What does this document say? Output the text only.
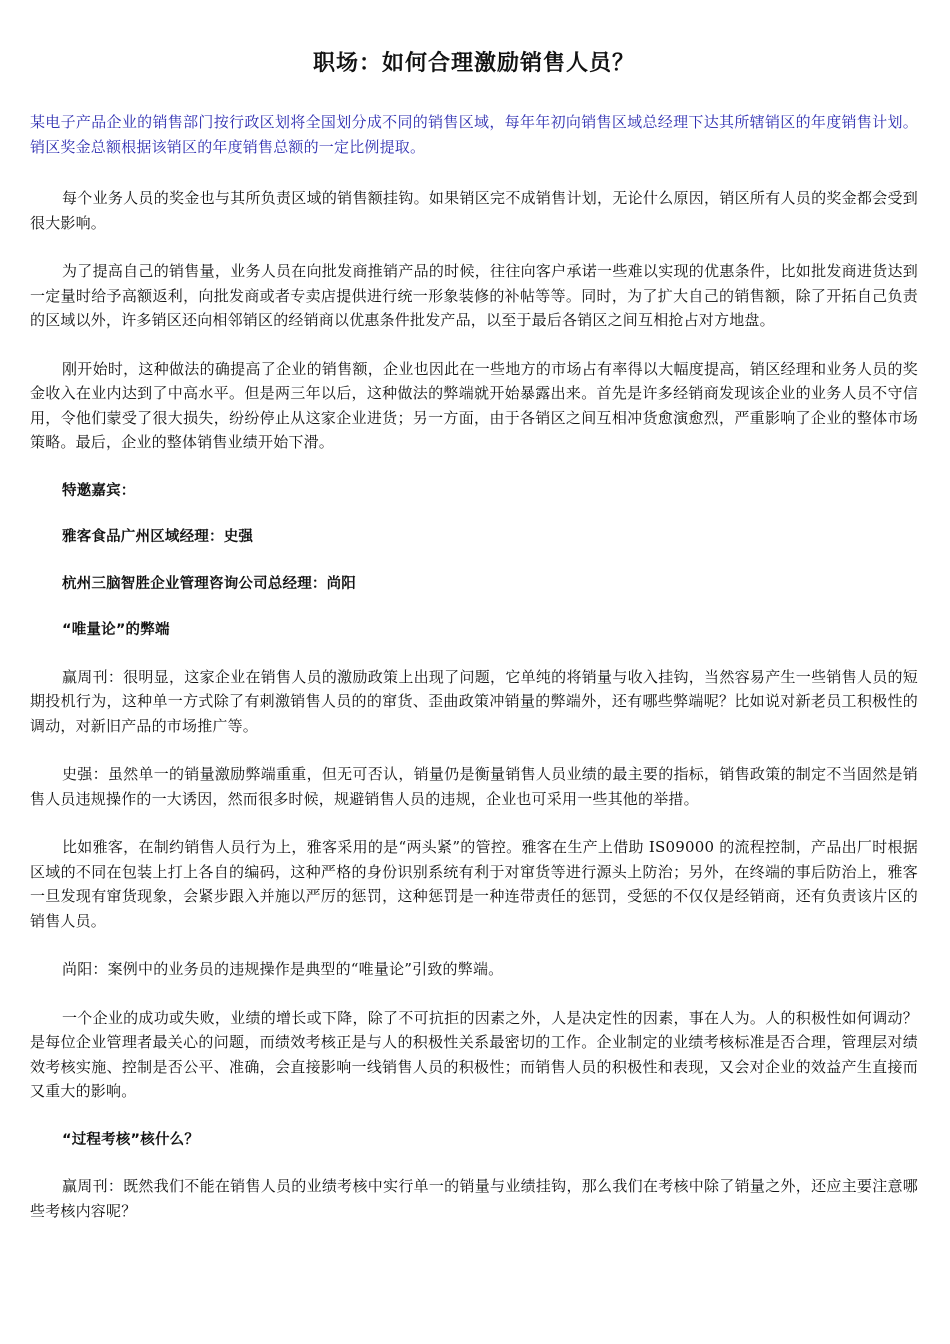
职场：如何合理激励销售人员？

某电子产品企业的销售部门按行政区划将全国划分成不同的销售区域，每年年初向销售区域总经理下达其所辖销区的年度销售计划。销区奖金总额根据该销区的年度销售总额的一定比例提取。

每个业务人员的奖金也与其所负责区域的销售额挂钩。如果销区完不成销售计划，无论什么原因，销区所有人员的奖金都会受到很大影响。

为了提高自己的销售量，业务人员在向批发商推销产品的时候，往往向客户承诺一些难以实现的优惠条件，比如批发商进货达到一定量时给予高额返利，向批发商或者专卖店提供进行统一形象装修的补帖等等。同时，为了扩大自己的销售额，除了开拓自己负责的区域以外，许多销区还向相邻销区的经销商以优惠条件批发产品，以至于最后各销区之间互相抢占对方地盘。

刚开始时，这种做法的确提高了企业的销售额，企业也因此在一些地方的市场占有率得以大幅度提高，销区经理和业务人员的奖金收入在业内达到了中高水平。但是两三年以后，这种做法的弊端就开始暴露出来。首先是许多经销商发现该企业的业务人员不守信用，令他们蒙受了很大损失，纷纷停止从这家企业进货；另一方面，由于各销区之间互相冲货愈演愈烈，严重影响了企业的整体市场策略。最后，企业的整体销售业绩开始下滑。

特邀嘉宾：

雅客食品广州区域经理：史强

杭州三脑智胜企业管理咨询公司总经理：尚阳

“唯量论”的弊端

赢周刊：很明显，这家企业在销售人员的激励政策上出现了问题，它单纯的将销量与收入挂钩，当然容易产生一些销售人员的短期投机行为，这种单一方式除了有刺激销售人员的的窜货、歪曲政策冲销量的弊端外，还有哪些弊端呢？比如说对新老员工积极性的调动，对新旧产品的市场推广等。

史强：虽然单一的销量激励弊端重重，但无可否认，销量仍是衡量销售人员业绩的最主要的指标，销售政策的制定不当固然是销售人员违规操作的一大诱因，然而很多时候，规避销售人员的违规，企业也可采用一些其他的举措。

比如雅客，在制约销售人员行为上，雅客采用的是“两头紧”的管控。雅客在生产上借助 IS09000 的流程控制，产品出厂时根据区域的不同在包装上打上各自的编码，这种严格的身份识别系统有利于对窜货等进行源头上防治；另外，在终端的事后防治上，雅客一旦发现有窜货现象，会紧步跟入并施以严厉的惩罚，这种惩罚是一种连带责任的惩罚，受惩的不仅仅是经销商，还有负责该片区的销售人员。

尚阳：案例中的业务员的违规操作是典型的“唯量论”引致的弊端。

一个企业的成功或失败，业绩的增长或下降，除了不可抗拒的因素之外，人是决定性的因素，事在人为。人的积极性如何调动？是每位企业管理者最关心的问题，而绩效考核正是与人的积极性关系最密切的工作。企业制定的业绩考核标准是否合理，管理层对绩效考核实施、控制是否公平、准确，会直接影响一线销售人员的积极性；而销售人员的积极性和表现，又会对企业的效益产生直接而又重大的影响。

“过程考核”核什么？

赢周刊：既然我们不能在销售人员的业绩考核中实行单一的销量与业绩挂钩，那么我们在考核中除了销量之外，还应主要注意哪些考核内容呢？
